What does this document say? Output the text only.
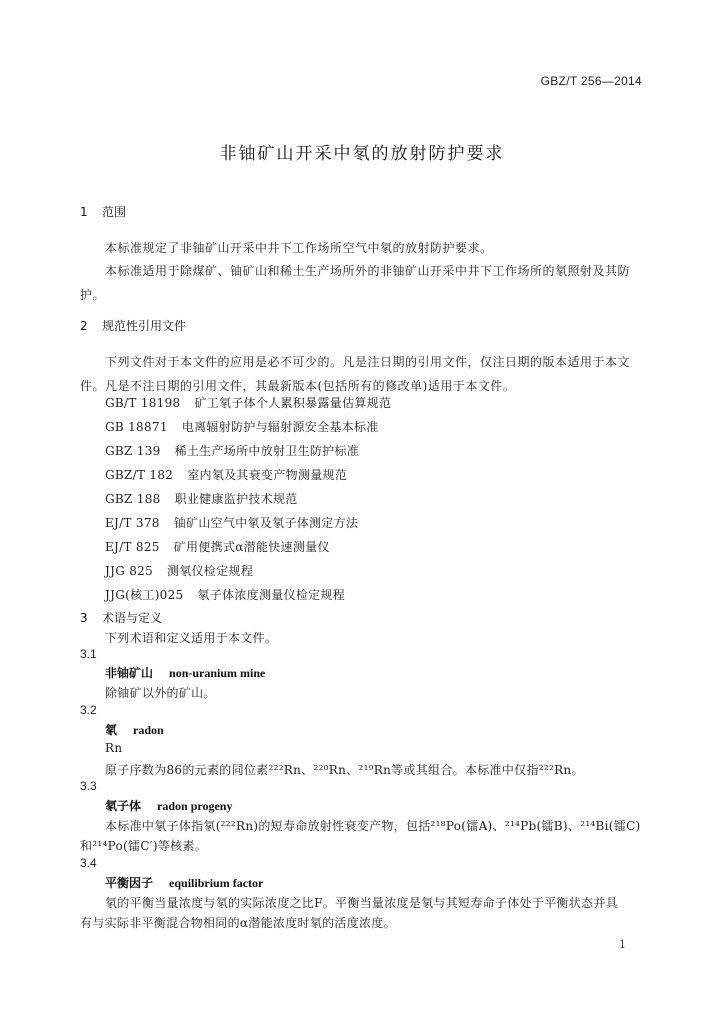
GBZ/T 256—2014
非铀矿山开采中氡的放射防护要求
1 范围
本标准规定了非铀矿山开采中井下工作场所空气中氡的放射防护要求。
本标准适用于除煤矿、铀矿山和稀土生产场所外的非铀矿山开采中井下工作场所的氡照射及其防护。
2 规范性引用文件
下列文件对于本文件的应用是必不可少的。凡是注日期的引用文件，仅注日期的版本适用于本文件。凡是不注日期的引用文件，其最新版本(包括所有的修改单)适用于本文件。
GB/T 18198 矿工氡子体个人累积暴露量估算规范
GB 18871 电离辐射防护与辐射源安全基本标准
GBZ 139 稀土生产场所中放射卫生防护标准
GBZ/T 182 室内氡及其衰变产物测量规范
GBZ 188 职业健康监护技术规范
EJ/T 378 铀矿山空气中氡及氡子体测定方法
EJ/T 825 矿用便携式α潜能快速测量仪
JJG 825 测氡仪检定规程
JJG(核工)025 氡子体浓度测量仪检定规程
3 术语与定义
下列术语和定义适用于本文件。
3.1
非铀矿山 non-uranium mine
除铀矿以外的矿山。
3.2
氡 radon
Rn
原子序数为86的元素的同位素²²²Rn、²²⁰Rn、²¹⁹Rn等或其组合。本标准中仅指²²²Rn。
3.3
氡子体 radon progeny
本标准中氡子体指氡(²²²Rn)的短寿命放射性衰变产物，包括²¹⁸Po(镭A)、²¹⁴Pb(镭B)、²¹⁴Bi(镭C)
和²¹⁴Po(镭C′)等核素。
3.4
平衡因子 equilibrium factor
氡的平衡当量浓度与氡的实际浓度之比F。平衡当量浓度是氡与其短寿命子体处于平衡状态并具
有与实际非平衡混合物相同的α潜能浓度时氡的活度浓度。
1
